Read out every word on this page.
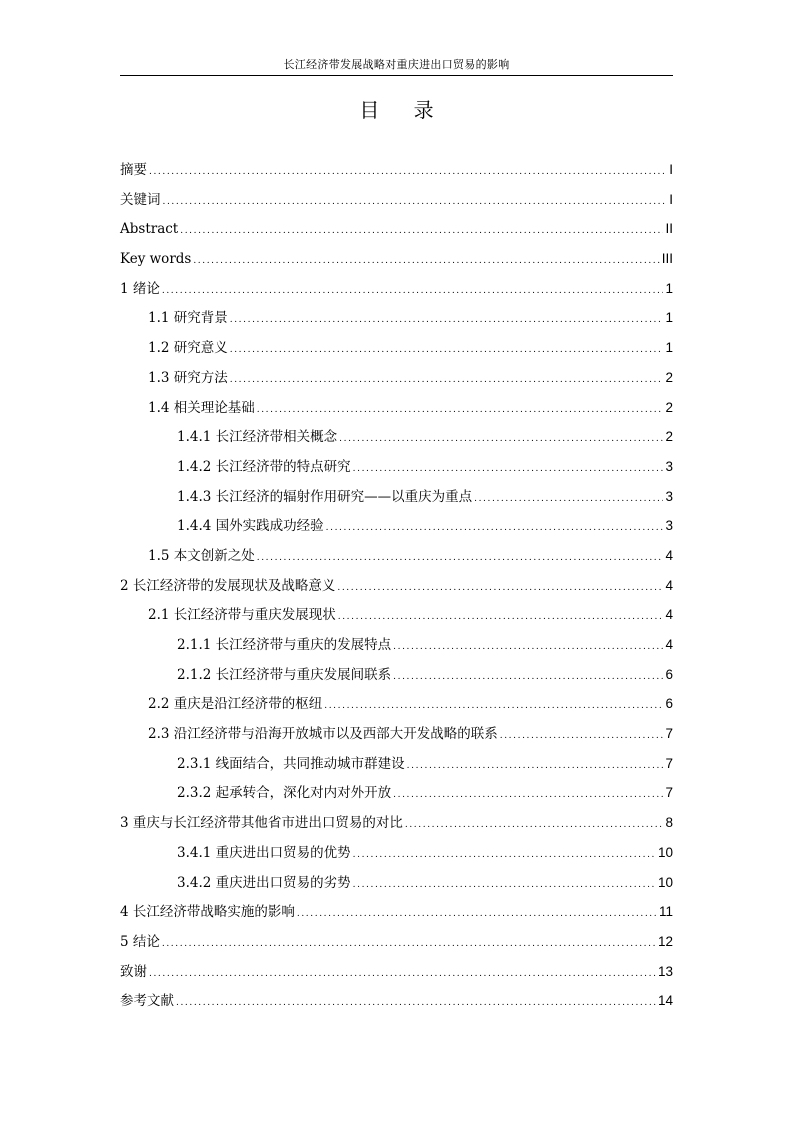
长江经济带发展战略对重庆进出口贸易的影响
目 录
摘要 .....	I
关键词 .....	I
Abstract .....	II
Key words .....	III
1 绪论 .....	1
1.1 研究背景 .....	1
1.2 研究意义 .....	1
1.3 研究方法 .....	2
1.4 相关理论基础 .....	2
1.4.1 长江经济带相关概念 .....	2
1.4.2 长江经济带的特点研究 .....	3
1.4.3 长江经济的辐射作用研究——以重庆为重点 .....	3
1.4.4 国外实践成功经验 .....	3
1.5 本文创新之处 .....	4
2 长江经济带的发展现状及战略意义 .....	4
2.1 长江经济带与重庆发展现状 .....	4
2.1.1 长江经济带与重庆的发展特点 .....	4
2.1.2 长江经济带与重庆发展间联系 .....	6
2.2 重庆是沿江经济带的枢纽 .....	6
2.3 沿江经济带与沿海开放城市以及西部大开发战略的联系 .....	7
2.3.1 线面结合，共同推动城市群建设 .....	7
2.3.2 起承转合，深化对内对外开放 .....	7
3 重庆与长江经济带其他省市进出口贸易的对比 .....	8
3.4.1 重庆进出口贸易的优势 .....	10
3.4.2 重庆进出口贸易的劣势 .....	10
4 长江经济带战略实施的影响 .....	11
5 结论 .....	12
致谢 .....	13
参考文献 .....	14
